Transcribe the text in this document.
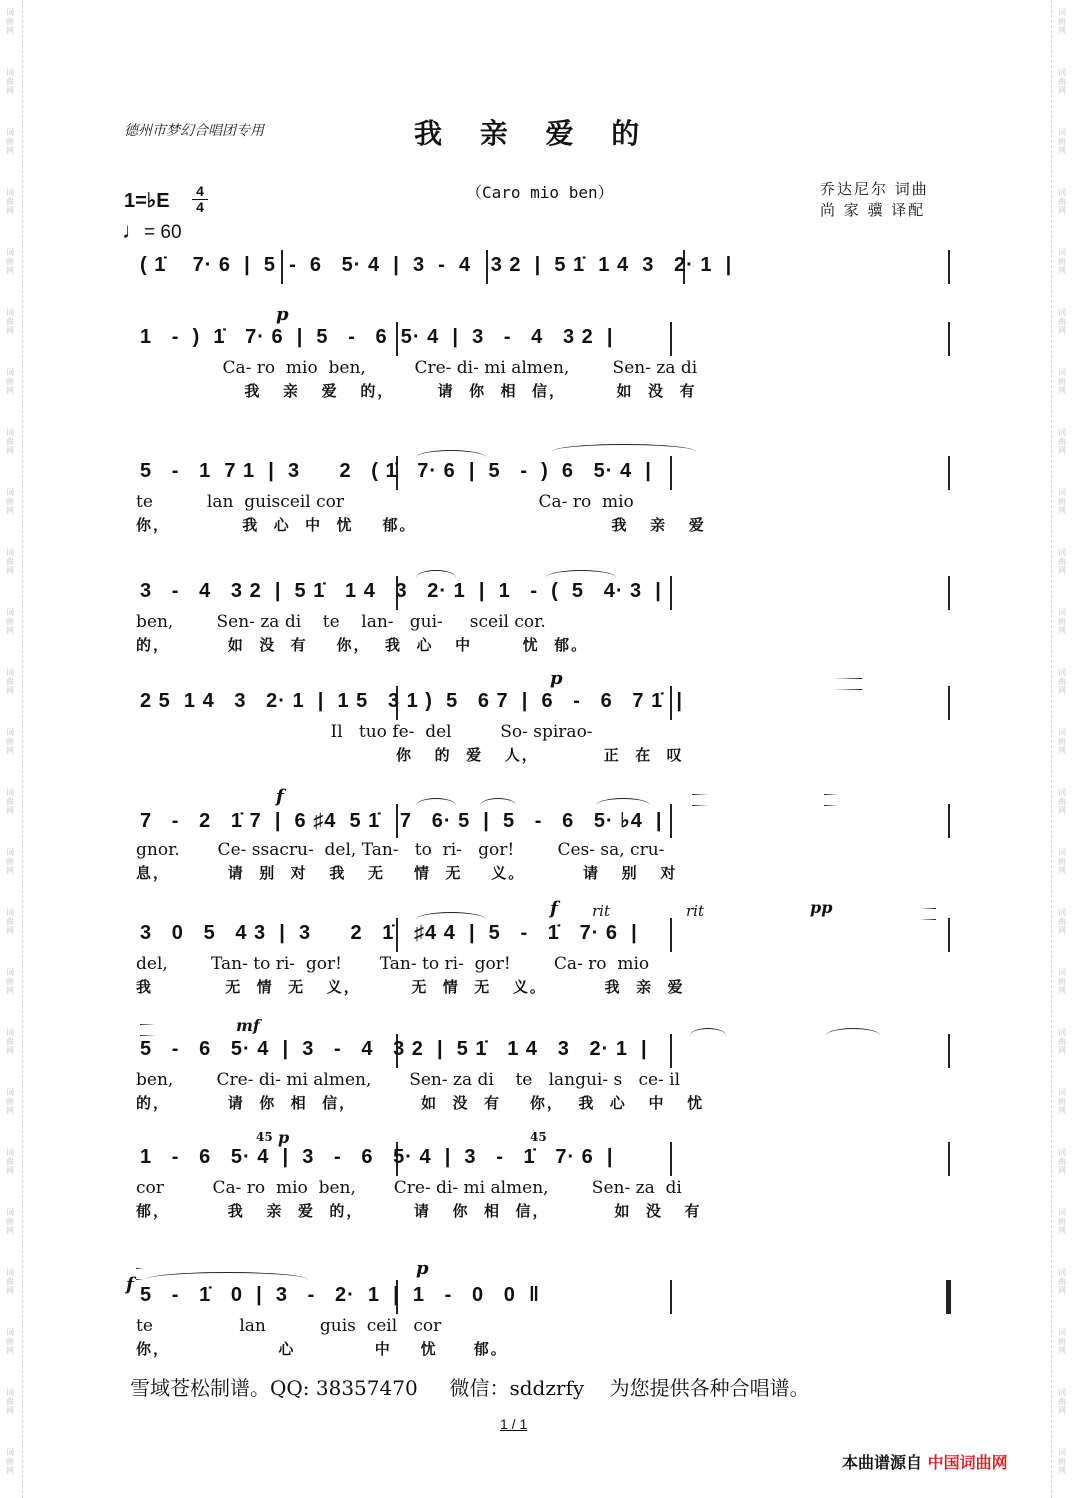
词
曲
网
词
曲
网
词
曲
网
词
曲
网
词
曲
网
词
曲
网
词
曲
网
词
曲
网
词
曲
网
词
曲
网
词
曲
网
词
曲
网
词
曲
网
词
曲
网
词
曲
网
词
曲
网
词
曲
网
词
曲
网
词
曲
网
词
曲
网
词
曲
网
词
曲
网
词
曲
网
词
曲
网
词
曲
网
词
曲
网
词
曲
网
词
曲
网
词
曲
网
词
曲
网
词
曲
网
词
曲
网
词
曲
网
词
曲
网
词
曲
网
词
曲
网
词
曲
网
词
曲
网
词
曲
网
词
曲
网
词
曲
网
词
曲
网
词
曲
网
词
曲
网
词
曲
网
词
曲
网
词
曲
网
词
曲
网
词
曲
网
词
曲
网
德州市梦幻合唱团专用	我 亲 爱 的
（Caro mio ben）	乔达尼尔 词曲
尚 家 骥 译配
1=♭E 4
4
♩= 60
( 1̇    7· 6  |  5  -  6   5· 4  |  3  -  4   3 2  |  5 1̇  1 4  3   2· 1  |
p
1   -  )  1̇   7· 6  |  5   -   6  5· 4  |  3   -   4   3 2  |
Ca- ro  mio  ben,         Cre- di- mi almen,        Sen- za di
我   亲   爱   的，      请  你  相  信，       如  没  有
5   -   1  7 1  |  3      2   ( 1̇   7· 6  |  5   -  )  6   5· 4  |
te          lan  guisceil cor                                    Ca- ro  mio
你，          我  心  中  忧    郁。                           我   亲   爱
3   -   4   3 2  |  5 1̇   1 4   3   2· 1  |  1   -  (  5   4· 3  |
ben,        Sen- za di    te    lan-   gui-     sceil cor.
的，        如  没  有    你，  我  心   中       忧  郁。
p
2 5  1 4   3   2· 1  |  1 5   3 1 )  5   6 7  |  6   -   6   7 1̇  |
Il   tuo fe-  del         So- spirao-
你   的  爱   人，         正  在  叹
f
7   -   2   1̇ 7  |  6 ♯4  5 1̇   7   6· 5  |  5   -   6   5· ♭4  |
gnor.       Ce- ssacru-  del, Tan-   to  ri-   gor!        Ces- sa, cru-
息，        请  别  对   我   无    情  无    义。        请   别   对
f rit	rit	pp
3   0   5   4 3  |  3      2   1̇   ♯4 4  |  5   -   1̇   7· 6  |
del,        Tan- to ri-  gor!       Tan- to ri-  gor!        Ca- ro  mio
我          无  情  无   义，       无  情  无   义。        我  亲  爱
mf
5   -   6   5· 4  |  3   -   4   3 2  |  5 1̇   1 4   3   2· 1  |
ben,        Cre- di- mi almen,       Sen- za di    te   langui- s   ce- il
的，        请  你  相  信，         如  没  有    你，  我  心   中   忧
45 p	45
1   -   6   5· 4  |  3   -   6   5· 4  |  3   -   1̇   7· 6  |
cor         Ca- ro  mio  ben,       Cre- di- mi almen,        Sen- za  di
郁，        我   亲  爱  的，       请   你  相  信，         如  没   有
f
p
5   -   1̇   0  |  3   -   2·  1  |  1   -   0   0  ‖
te                lan          guis  ceil   cor
你，               心           中    忧     郁。
雪域苍松制谱。QQ: 38357470 微信：sddzrfy 为您提供各种合唱谱。
1 / 1
本曲谱源自 中国词曲网
